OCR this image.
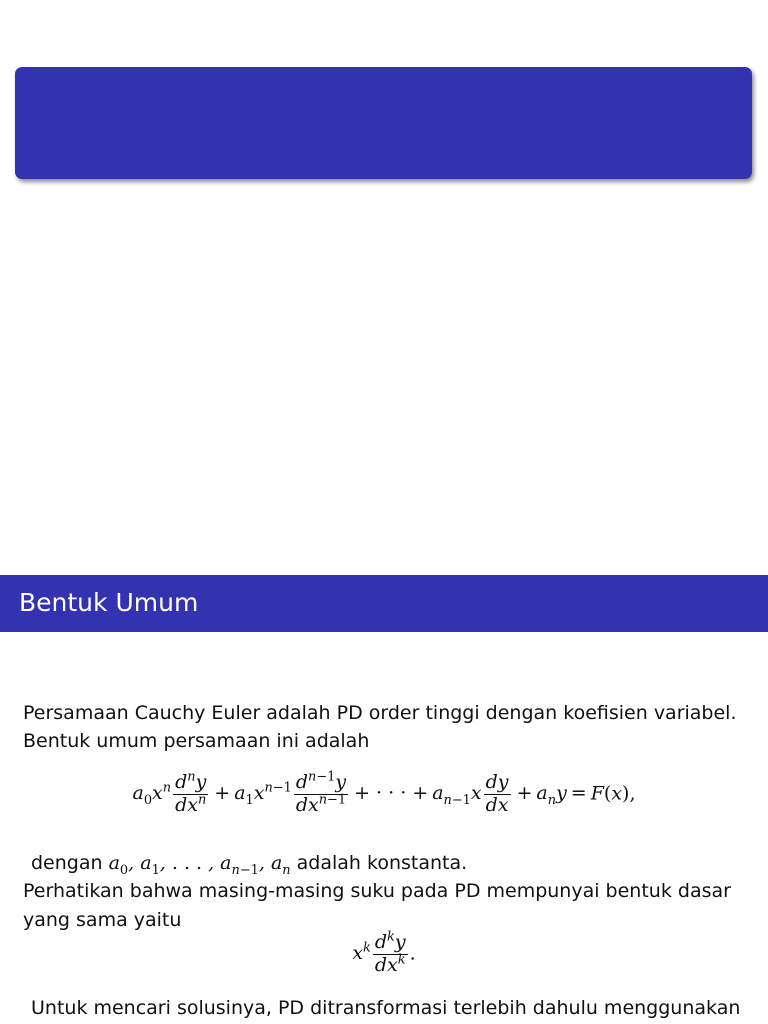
Bentuk Umum
Persamaan Cauchy Euler adalah PD order tinggi dengan koefisien variabel.
Bentuk umum persamaan ini adalah
$a_0x^n \frac{d^ny}{dx^n} + a_1x^{n-1} \frac{d^{n-1}y}{dx^{n-1}}$ + · · · + $a_{n-1}x \frac{dy}{dx} + a_ny = F(x)$,
dengan $a_0$, $a_1$, . . . , $a_{n-1}$, $a_n$ adalah konstanta.
Perhatikan bahwa masing-masing suku pada PD mempunyai bentuk dasar
yang sama yaitu
$x^k \frac{d^ky}{dx^k}$ .
Untuk mencari solusinya, PD ditransformasi terlebih dahulu menggunakan
